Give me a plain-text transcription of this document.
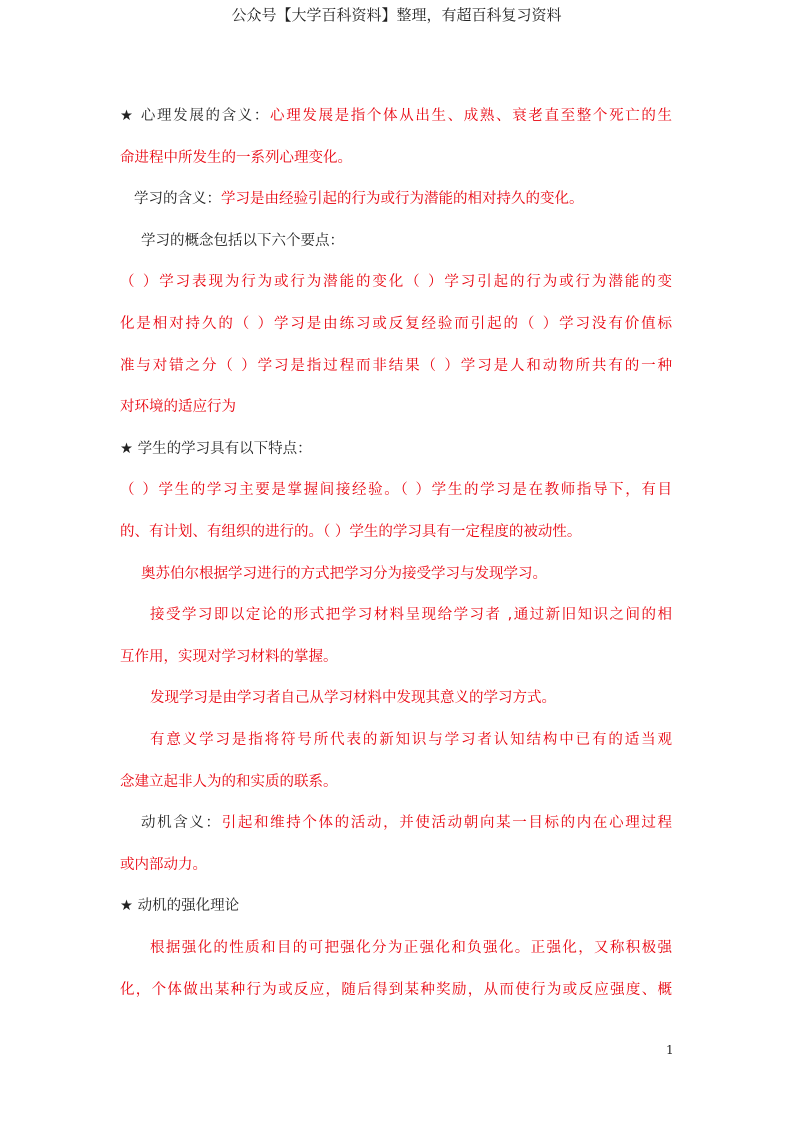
公众号【大学百科资料】整理，有超百科复习资料
★ 心理发展的含义：心理发展是指个体从出生、成熟、衰老直至整个死亡的生
命进程中所发生的一系列心理变化。
学习的含义：学习是由经验引起的行为或行为潜能的相对持久的变化。
学习的概念包括以下六个要点：
（ ）学习表现为行为或行为潜能的变化（ ）学习引起的行为或行为潜能的变
化是相对持久的（ ）学习是由练习或反复经验而引起的（ ）学习没有价值标
准与对错之分（ ）学习是指过程而非结果（ ）学习是人和动物所共有的一种
对环境的适应行为
★ 学生的学习具有以下特点：
（ ）学生的学习主要是掌握间接经验。（ ）学生的学习是在教师指导下，有目
的、有计划、有组织的进行的。（ ）学生的学习具有一定程度的被动性。
奥苏伯尔根据学习进行的方式把学习分为接受学习与发现学习。
接受学习即以定论的形式把学习材料呈现给学习者 ,通过新旧知识之间的相
互作用，实现对学习材料的掌握。
发现学习是由学习者自己从学习材料中发现其意义的学习方式。
有意义学习是指将符号所代表的新知识与学习者认知结构中已有的适当观
念建立起非人为的和实质的联系。
动机含义：引起和维持个体的活动，并使活动朝向某一目标的内在心理过程
或内部动力。
★ 动机的强化理论
根据强化的性质和目的可把强化分为正强化和负强化。正强化，又称积极强
化，个体做出某种行为或反应，随后得到某种奖励，从而使行为或反应强度、概
1
